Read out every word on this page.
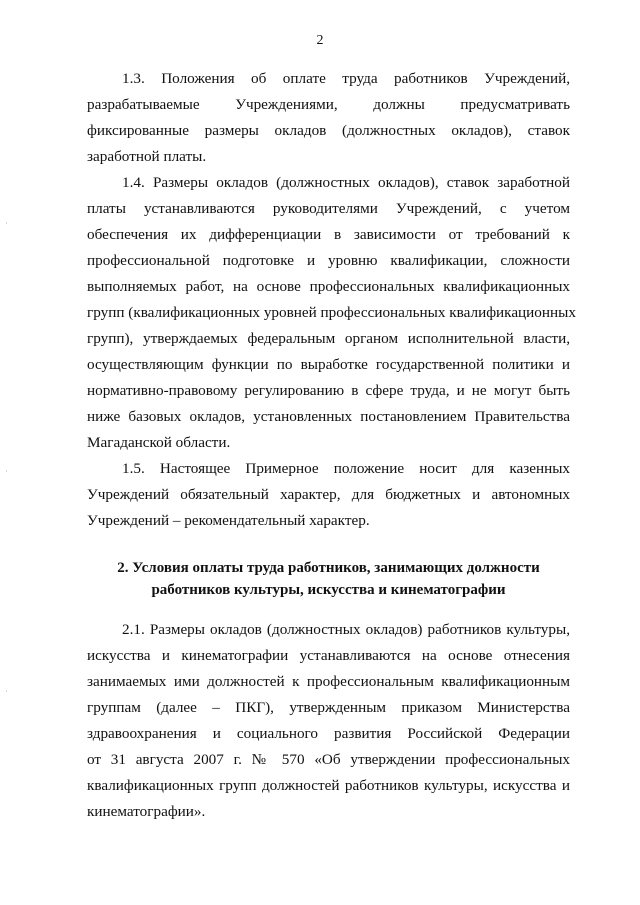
2
1.3. Положения об оплате труда работников Учреждений,
разрабатываемые Учреждениями, должны предусматривать
фиксированные размеры окладов (должностных окладов), ставок
заработной платы.
1.4. Размеры окладов (должностных окладов), ставок заработной
платы устанавливаются руководителями Учреждений, с учетом
обеспечения их дифференциации в зависимости от требований к
профессиональной подготовке и уровню квалификации, сложности
выполняемых работ, на основе профессиональных квалификационных
групп (квалификационных уровней профессиональных квалификационных
групп), утверждаемых федеральным органом исполнительной власти,
осуществляющим функции по выработке государственной политики и
нормативно-правовому регулированию в сфере труда, и не могут быть
ниже базовых окладов, установленных постановлением Правительства
Магаданской области.
1.5. Настоящее Примерное положение носит для казенных
Учреждений обязательный характер, для бюджетных и автономных
Учреждений – рекомендательный характер.
2. Условия оплаты труда работников, занимающих должности
работников культуры, искусства и кинематографии
2.1. Размеры окладов (должностных окладов) работников культуры,
искусства и кинематографии устанавливаются на основе отнесения
занимаемых ими должностей к профессиональным квалификационным
группам (далее – ПКГ), утвержденным приказом Министерства
здравоохранения и социального развития Российской Федерации
от 31 августа 2007 г. № 570 «Об утверждении профессиональных
квалификационных групп должностей работников культуры, искусства и
кинематографии».
